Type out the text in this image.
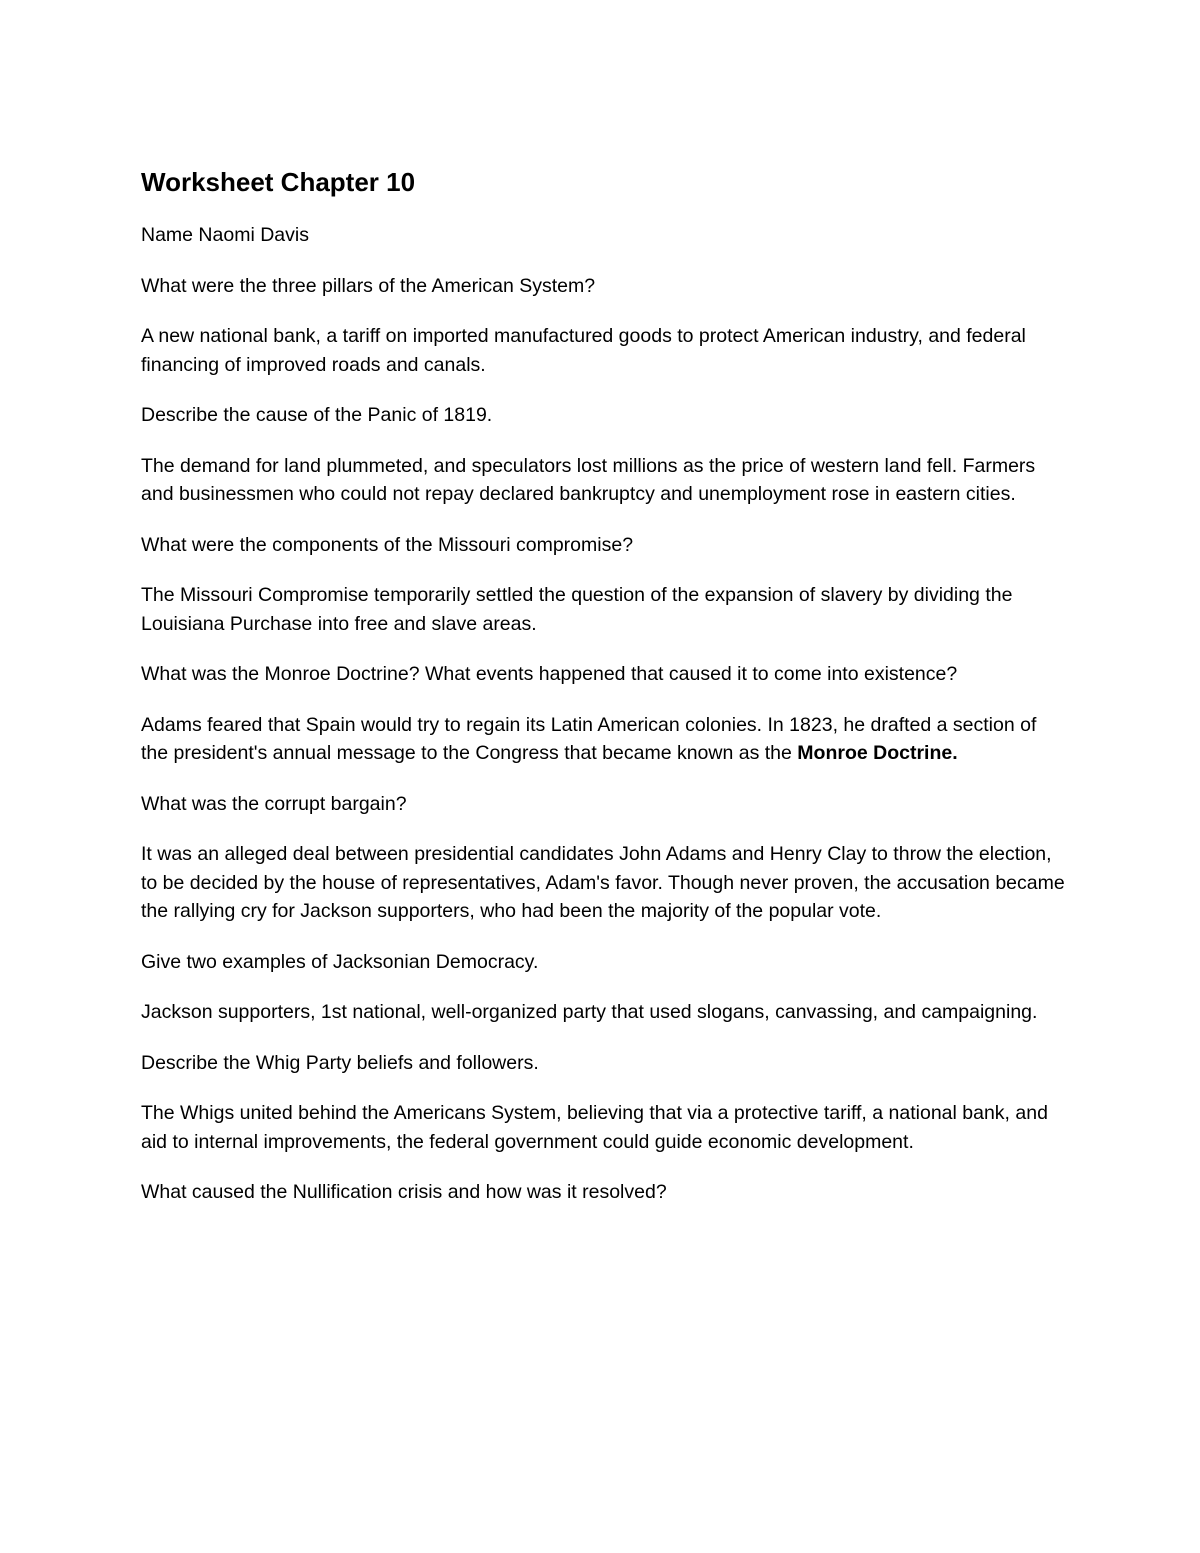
Worksheet Chapter 10

Name Naomi Davis

What were the three pillars of the American System?

A new national bank, a tariff on imported manufactured goods to protect American industry, and federal financing of improved roads and canals.

Describe the cause of the Panic of 1819.

The demand for land plummeted, and speculators lost millions as the price of western land fell. Farmers and businessmen who could not repay declared bankruptcy and unemployment rose in eastern cities.

What were the components of the Missouri compromise?

The Missouri Compromise temporarily settled the question of the expansion of slavery by dividing the Louisiana Purchase into free and slave areas.

What was the Monroe Doctrine? What events happened that caused it to come into existence?

Adams feared that Spain would try to regain its Latin American colonies. In 1823, he drafted a section of the president's annual message to the Congress that became known as the Monroe Doctrine.

What was the corrupt bargain?

It was an alleged deal between presidential candidates John Adams and Henry Clay to throw the election, to be decided by the house of representatives, Adam's favor. Though never proven, the accusation became the rallying cry for Jackson supporters, who had been the majority of the popular vote.

Give two examples of Jacksonian Democracy.

Jackson supporters, 1st national, well-organized party that used slogans, canvassing, and campaigning.

Describe the Whig Party beliefs and followers.

The Whigs united behind the Americans System, believing that via a protective tariff, a national bank, and aid to internal improvements, the federal government could guide economic development.

What caused the Nullification crisis and how was it resolved?
